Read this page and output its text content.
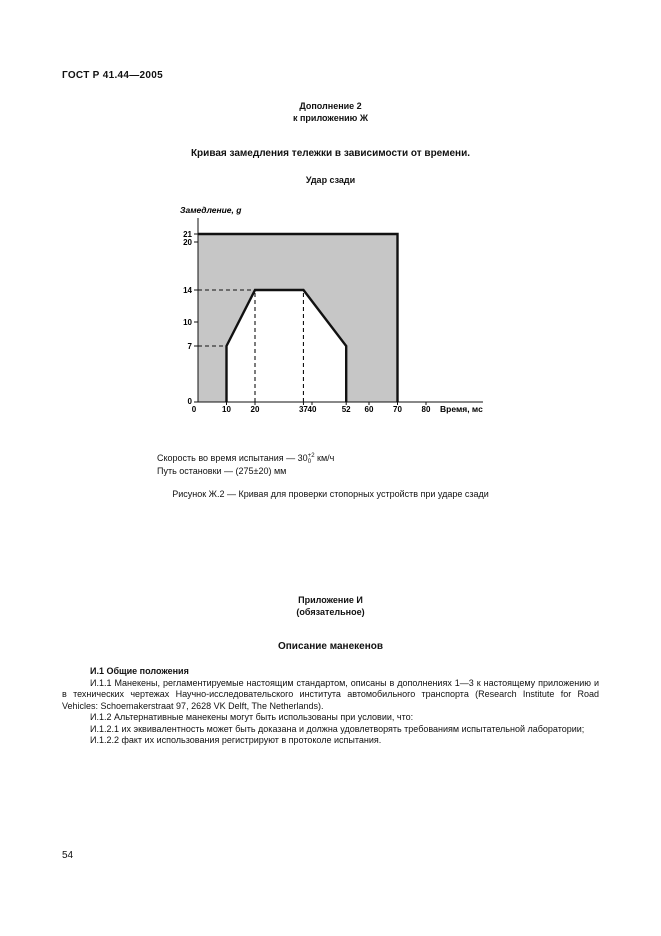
ГОСТ Р 41.44—2005
Дополнение 2
к приложению Ж
Кривая замедления тележки в зависимости от времени.
Удар сзади
Замедление, g
Время, мс
0
7
10
14
20
21
0	10 20	37 40	52 60 70 80
Скорость во время испытания — 30 +2
0 км/ч
Путь остановки — (275±20) мм
Рисунок Ж.2 — Кривая для проверки стопорных устройств при ударе сзади
Приложение И
(обязательное)
Описание манекенов

И.1 Общие положения

И.1.1 Манекены, регламентируемые настоящим стандартом, описаны в дополнениях 1—3 к настоящему приложению и в технических чертежах Научно-исследовательского института автомобильного транспорта (Research Institute for Road Vehicles: Schoemakerstraat 97, 2628 VK Delft, The Netherlands).

И.1.2 Альтернативные манекены могут быть использованы при условии, что:

И.1.2.1 их эквивалентность может быть доказана и должна удовлетворять требованиям испытательной лаборатории;

И.1.2.2 факт их использования регистрируют в протоколе испытания.

54
